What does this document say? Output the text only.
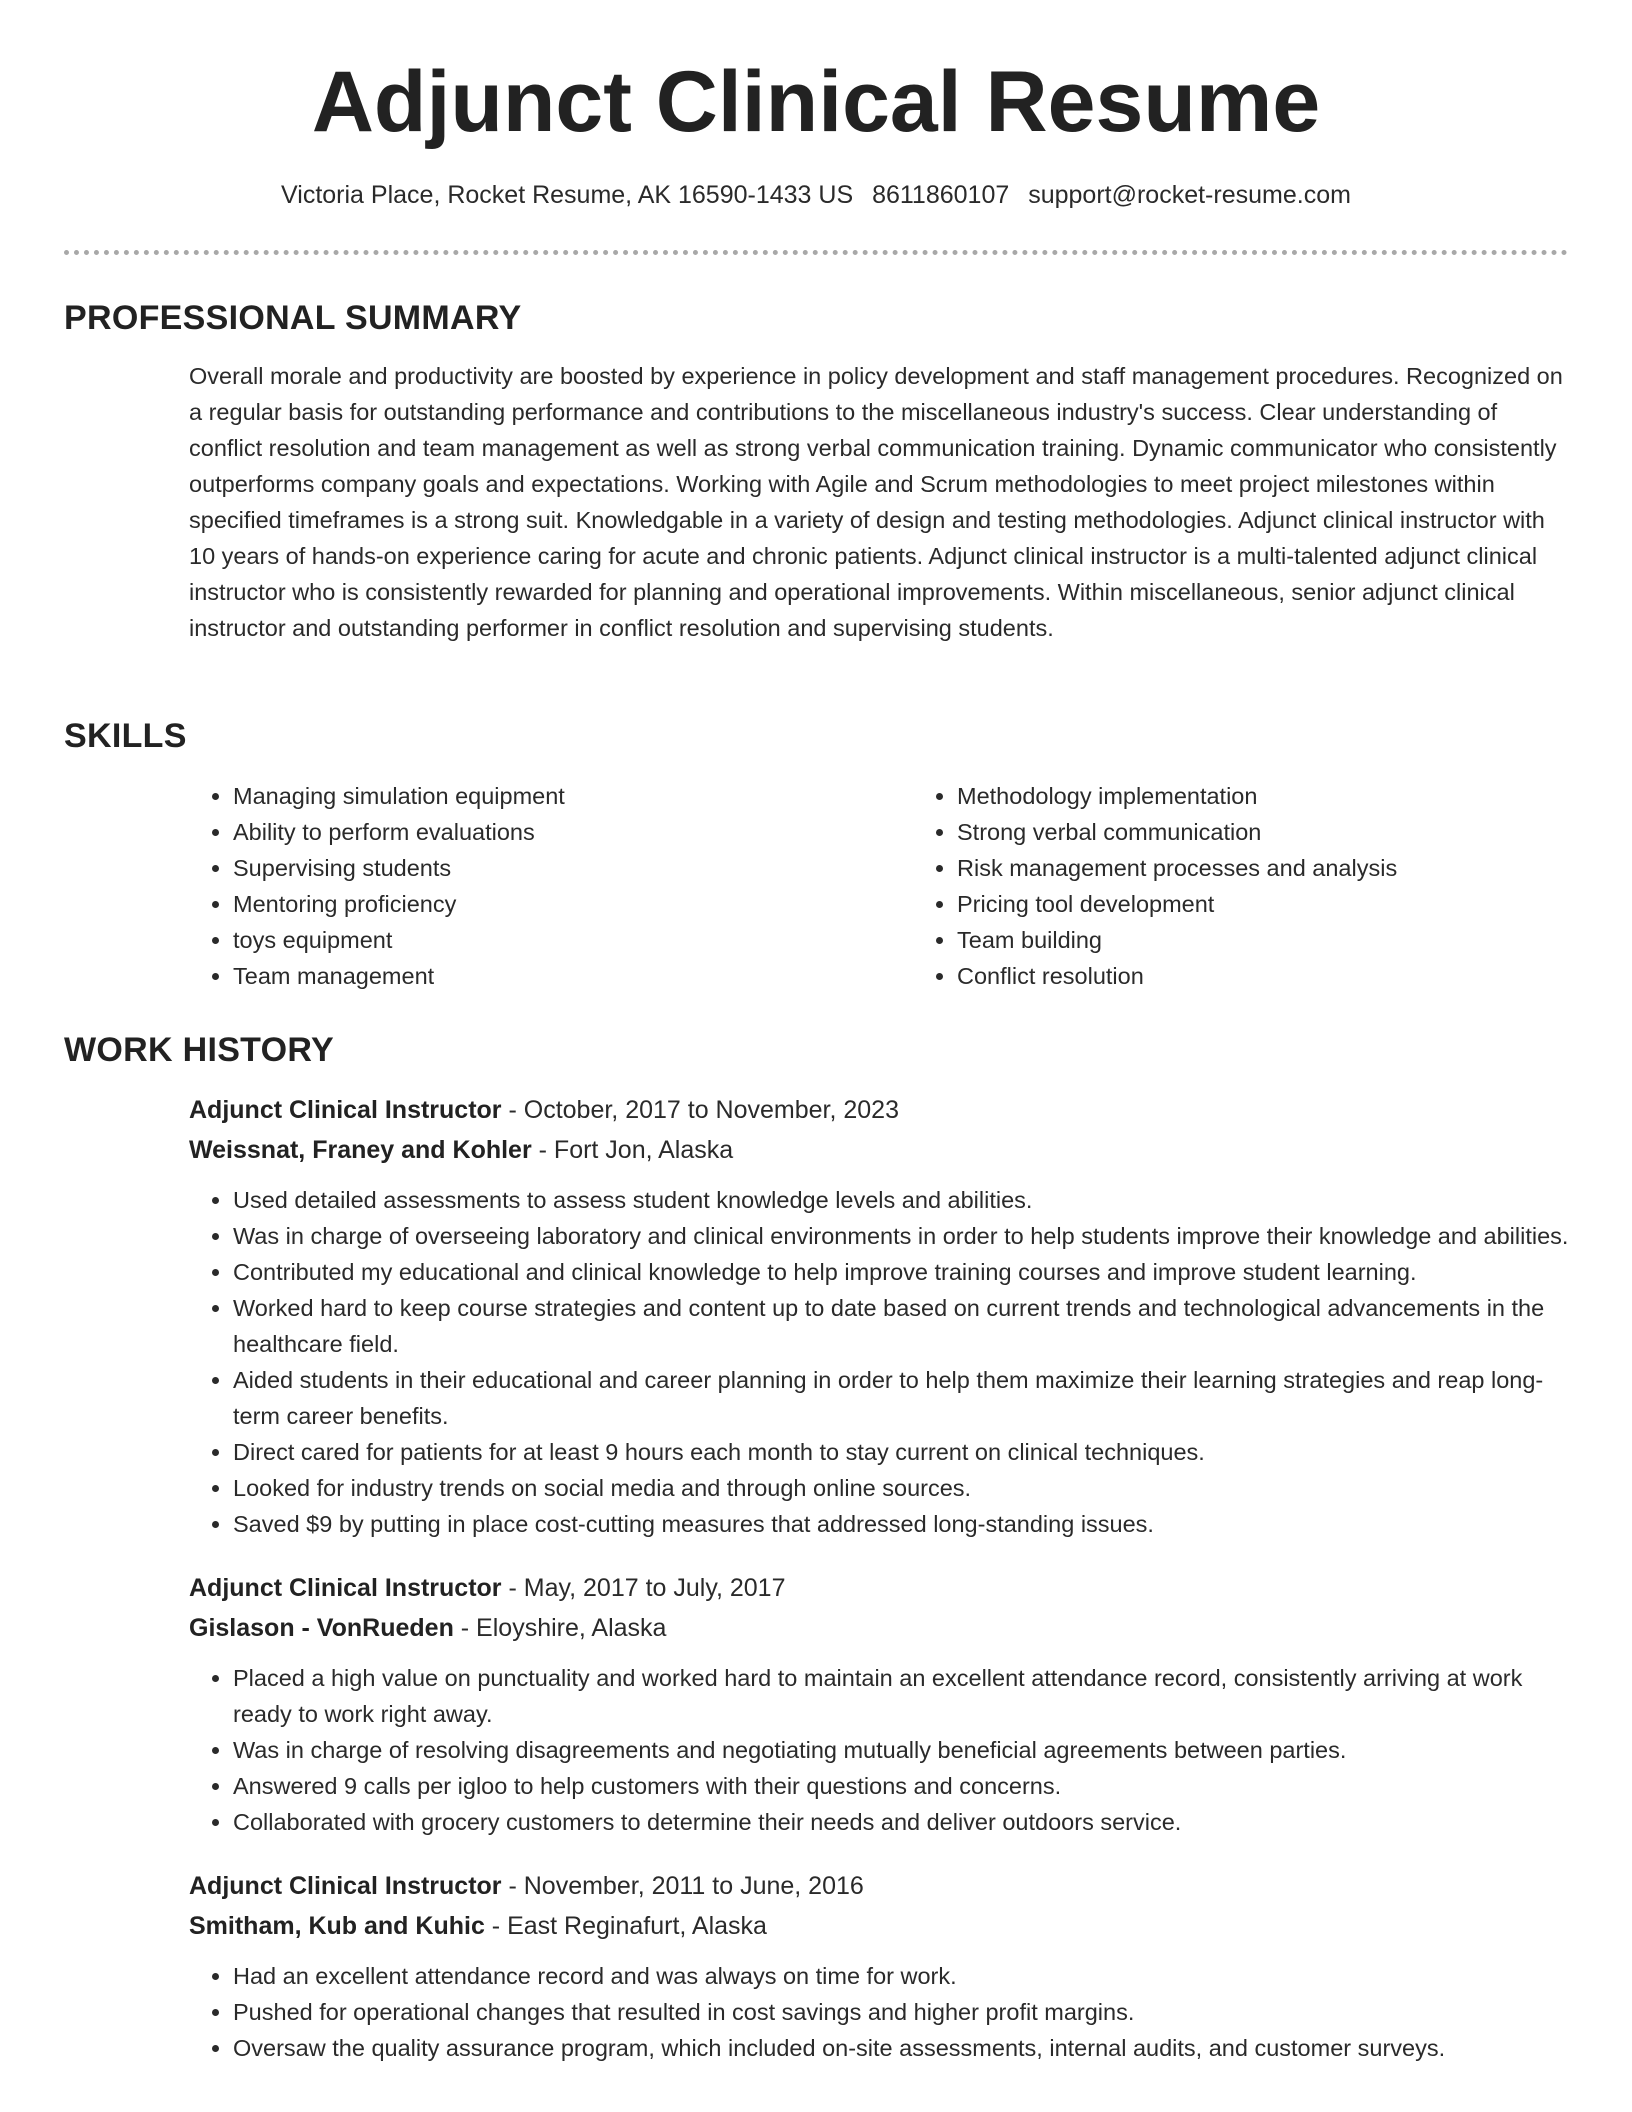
Adjunct Clinical Resume
Victoria Place, Rocket Resume, AK 16590-1433 US 8611860107 support@rocket-resume.com
PROFESSIONAL SUMMARY

Overall morale and productivity are boosted by experience in policy development and staff management procedures. Recognized on a regular basis for outstanding performance and contributions to the miscellaneous industry's success. Clear understanding of conflict resolution and team management as well as strong verbal communication training. Dynamic communicator who consistently outperforms company goals and expectations. Working with Agile and Scrum methodologies to meet project milestones within specified timeframes is a strong suit. Knowledgable in a variety of design and testing methodologies. Adjunct clinical instructor with 10 years of hands-on experience caring for acute and chronic patients. Adjunct clinical instructor is a multi-talented adjunct clinical instructor who is consistently rewarded for planning and operational improvements. Within miscellaneous, senior adjunct clinical instructor and outstanding performer in conflict resolution and supervising students.

SKILLS
• Managing simulation equipment
• Ability to perform evaluations
• Supervising students
• Mentoring proficiency
• toys equipment
• Team management
• Methodology implementation
• Strong verbal communication
• Risk management processes and analysis
• Pricing tool development
• Team building
• Conflict resolution
WORK HISTORY

Adjunct Clinical Instructor - October, 2017 to November, 2023

Weissnat, Franey and Kohler - Fort Jon, Alaska

• Used detailed assessments to assess student knowledge levels and abilities.
• Was in charge of overseeing laboratory and clinical environments in order to help students improve their knowledge and abilities.
• Contributed my educational and clinical knowledge to help improve training courses and improve student learning.
• Worked hard to keep course strategies and content up to date based on current trends and technological advancements in the healthcare field.
• Aided students in their educational and career planning in order to help them maximize their learning strategies and reap long-term career benefits.
• Direct cared for patients for at least 9 hours each month to stay current on clinical techniques.
• Looked for industry trends on social media and through online sources.
• Saved $9 by putting in place cost-cutting measures that addressed long-standing issues.

Adjunct Clinical Instructor - May, 2017 to July, 2017

Gislason - VonRueden - Eloyshire, Alaska

• Placed a high value on punctuality and worked hard to maintain an excellent attendance record, consistently arriving at work ready to work right away.
• Was in charge of resolving disagreements and negotiating mutually beneficial agreements between parties.
• Answered 9 calls per igloo to help customers with their questions and concerns.
• Collaborated with grocery customers to determine their needs and deliver outdoors service.

Adjunct Clinical Instructor - November, 2011 to June, 2016

Smitham, Kub and Kuhic - East Reginafurt, Alaska

• Had an excellent attendance record and was always on time for work.
• Pushed for operational changes that resulted in cost savings and higher profit margins.
• Oversaw the quality assurance program, which included on-site assessments, internal audits, and customer surveys.
